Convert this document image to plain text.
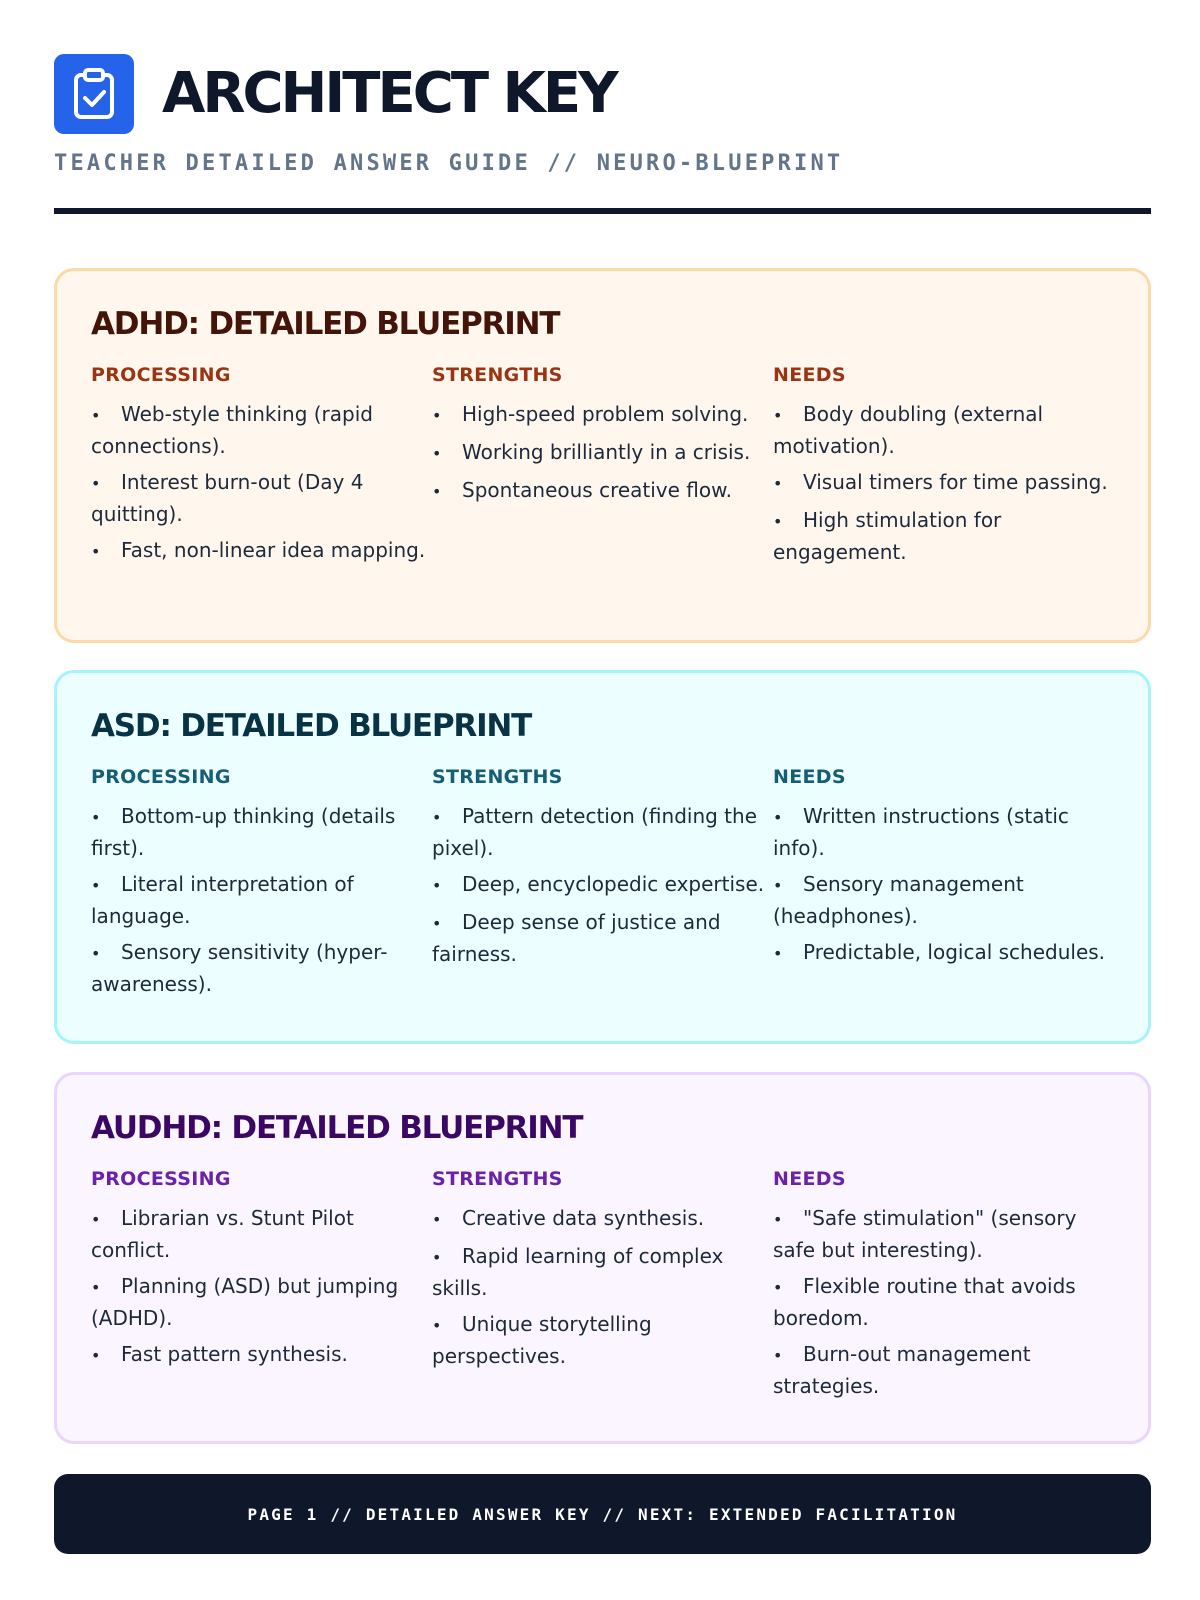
ARCHITECT KEY
TEACHER DETAILED ANSWER GUIDE // NEURO-BLUEPRINT
ADHD: DETAILED BLUEPRINT
PROCESSING
• Web-style thinking (rapid connections).
• Interest burn-out (Day 4 quitting).
• Fast, non-linear idea mapping.
STRENGTHS
• High-speed problem solving.
• Working brilliantly in a crisis.
• Spontaneous creative flow.
NEEDS
• Body doubling (external motivation).
• Visual timers for time passing.
• High stimulation for engagement.
ASD: DETAILED BLUEPRINT
PROCESSING
• Bottom-up thinking (details first).
• Literal interpretation of language.
• Sensory sensitivity (hyper-awareness).
STRENGTHS
• Pattern detection (finding the pixel).
• Deep, encyclopedic expertise.
• Deep sense of justice and fairness.
NEEDS
• Written instructions (static info).
• Sensory management (headphones).
• Predictable, logical schedules.
AUDHD: DETAILED BLUEPRINT
PROCESSING
• Librarian vs. Stunt Pilot conflict.
• Planning (ASD) but jumping (ADHD).
• Fast pattern synthesis.
STRENGTHS
• Creative data synthesis.
• Rapid learning of complex skills.
• Unique storytelling perspectives.
NEEDS
• "Safe stimulation" (sensory safe but interesting).
• Flexible routine that avoids boredom.
• Burn-out management strategies.
PAGE 1 // DETAILED ANSWER KEY // NEXT: EXTENDED FACILITATION
